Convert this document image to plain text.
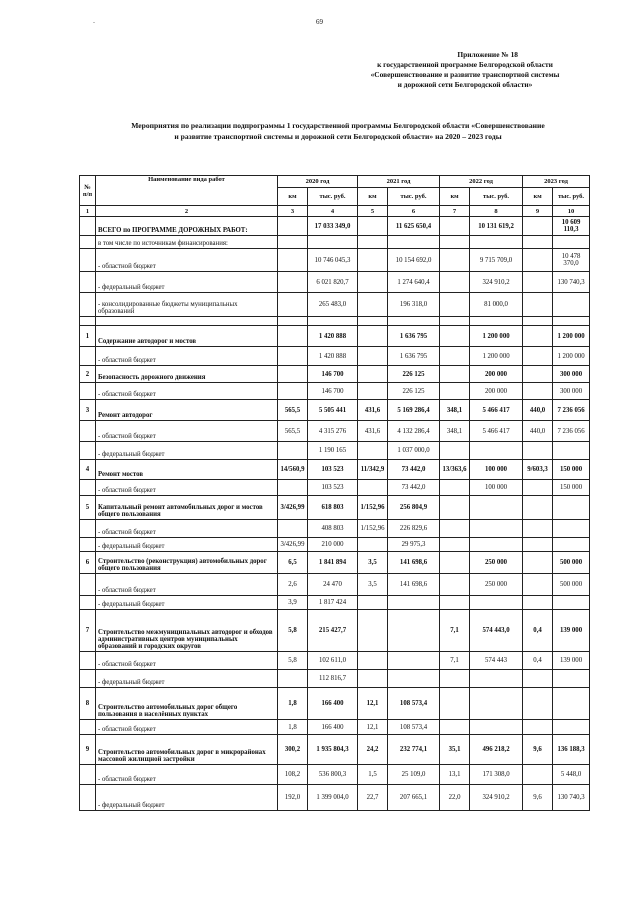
-	69
Приложение № 18
к государственной программе Белгородской области
«Совершенствование и развитие транспортной системы
и дорожной сети Белгородской области»
Мероприятия по реализации подпрограммы 1 государственной программы Белгородской области «Совершенствование
и развитие транспортной системы и дорожной сети Белгородской области» на 2020 – 2023 годы
№ п/п	Наименование вида работ	2020 год		2021 год		2022 год		2023 год	
		км	тыс. руб.	км	тыс. руб.	км	тыс. руб.	км	тыс. руб.
1	2	3	4	5	6	7	8	9	10
	ВСЕГО по ПРОГРАММЕ ДОРОЖНЫХ РАБОТ:		17 033 349,0		11 625 650,4		10 131 619,2		10 609 110,3
	в том числе по источникам финансирования:								
	- областной бюджет		10 746 045,3		10 154 692,0		9 715 709,0		10 478 370,0
	- федеральный бюджет		6 021 820,7		1 274 640,4		324 910,2		130 740,3
	- консолидированные бюджеты муниципальных образований		265 483,0		196 318,0		81 000,0		

1	Содержание автодорог и мостов		1 420 888		1 636 795		1 200 000		1 200 000
	- областной бюджет		1 420 888		1 636 795		1 200 000		1 200 000
2	Безопасность дорожного движения		146 700		226 125		200 000		300 000
	- областной бюджет		146 700		226 125		200 000		300 000
3	Ремонт автодорог	565,5	5 505 441	431,6	5 169 286,4	348,1	5 466 417	440,0	7 236 056
	- областной бюджет	565,5	4 315 276	431,6	4 132 286,4	348,1	5 466 417	440,0	7 236 056
	- федеральный бюджет		1 190 165		1 037 000,0				
4	Ремонт мостов	14/560,9	103 523	11/342,9	73 442,0	13/363,6	100 000	9/603,3	150 000
	- областной бюджет		103 523		73 442,0		100 000		150 000
5	Капитальный ремонт автомобильных дорог и мостов общего пользования	3/426,99	618 803	1/152,96	256 804,9				
	- областной бюджет		408 803	1/152,96	226 829,6				
	- федеральный бюджет	3/426,99	210 000		29 975,3				
6	Строительство (реконструкция) автомобильных дорог общего пользования	6,5	1 841 894	3,5	141 698,6		250 000		500 000
	- областной бюджет	2,6	24 470	3,5	141 698,6		250 000		500 000
	- федеральный бюджет	3,9	1 817 424						
7	Строительство межмуниципальных автодорог и обходов административных центров муниципальных образований и городских округов	5,8	215 427,7			7,1	574 443,0	0,4	139 000
	- областной бюджет	5,8	102 611,0			7,1	574 443	0,4	139 000
	- федеральный бюджет		112 816,7						
8	Строительство автомобильных дорог общего пользования в населённых пунктах	1,8	166 400	12,1	108 573,4				
	- областной бюджет	1,8	166 400	12,1	108 573,4				
9	Строительство автомобильных дорог в микрорайонах массовой жилищной застройки	300,2	1 935 804,3	24,2	232 774,1	35,1	496 218,2	9,6	136 188,3
	- областной бюджет	108,2	536 800,3	1,5	25 109,0	13,1	171 308,0		5 448,0
	- федеральный бюджет	192,0	1 399 004,0	22,7	207 665,1	22,0	324 910,2	9,6	130 740,3
